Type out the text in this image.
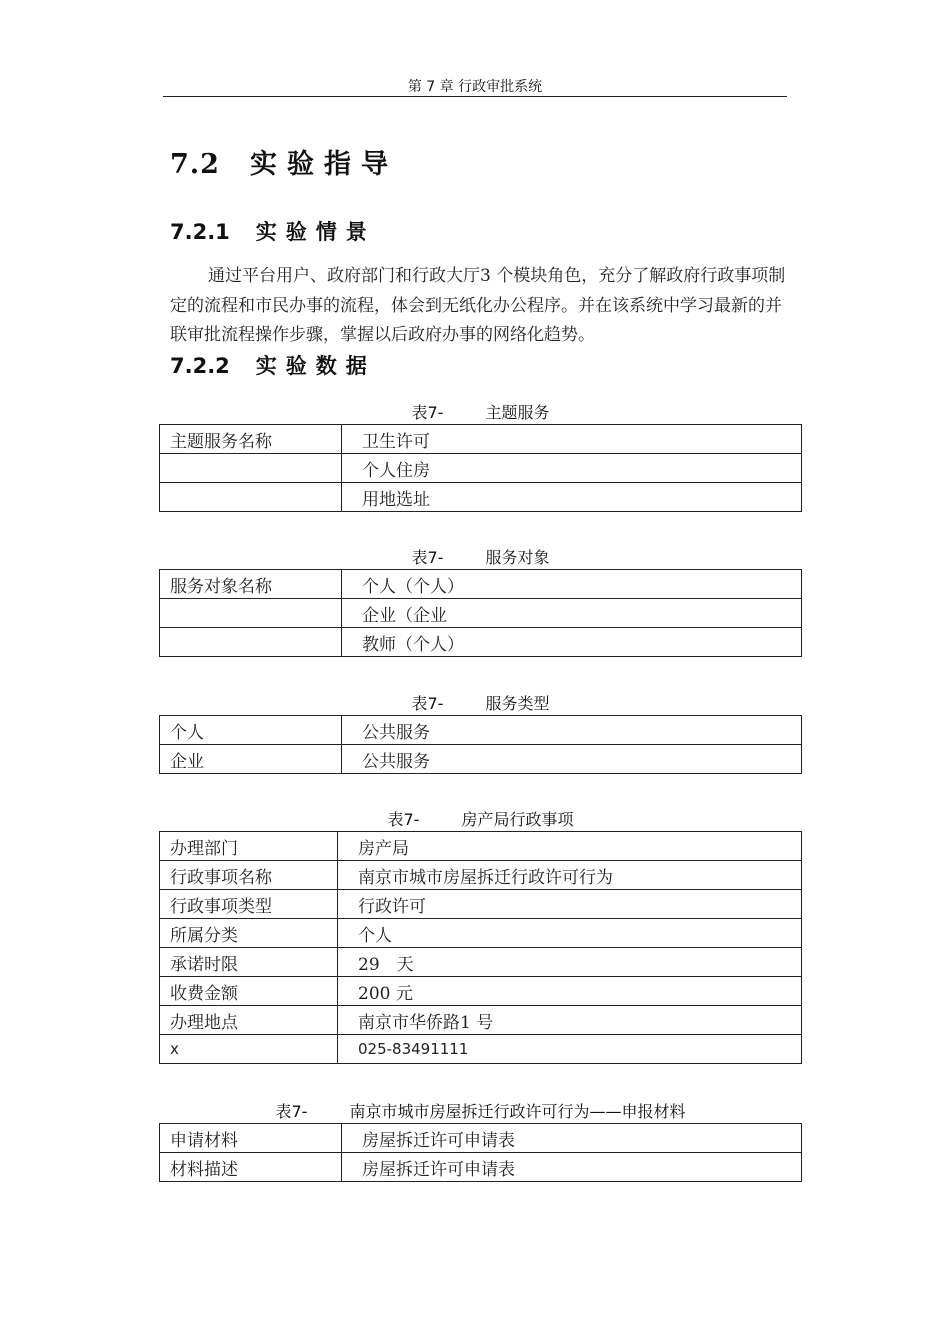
第 7 章 行政审批系统
7.2 实验指导
7.2.1 实验情景

通过平台用户、政府部门和行政大厅3 个模块角色，充分了解政府行政事项制定的流程和市民办事的流程，体会到无纸化办公程序。并在该系统中学习最新的并联审批流程操作步骤，掌握以后政府办事的网络化趋势。

7.2.2 实验数据
表7-	主题服务
主题服务名称	卫生许可
	个人住房
	用地选址
表7-	服务对象
服务对象名称	个人（个人）
	企业（企业
	教师（个人）
表7-	服务类型
个人	公共服务
企业	公共服务
表7-	房产局行政事项
办理部门	房产局
行政事项名称	南京市城市房屋拆迁行政许可行为
行政事项类型	行政许可
所属分类	个人
承诺时限	29　天
收费金额	200 元
办理地点	南京市华侨路1 号
x	025-83491111
表7-	南京市城市房屋拆迁行政许可行为——申报材料
申请材料	房屋拆迁许可申请表
材料描述	房屋拆迁许可申请表
